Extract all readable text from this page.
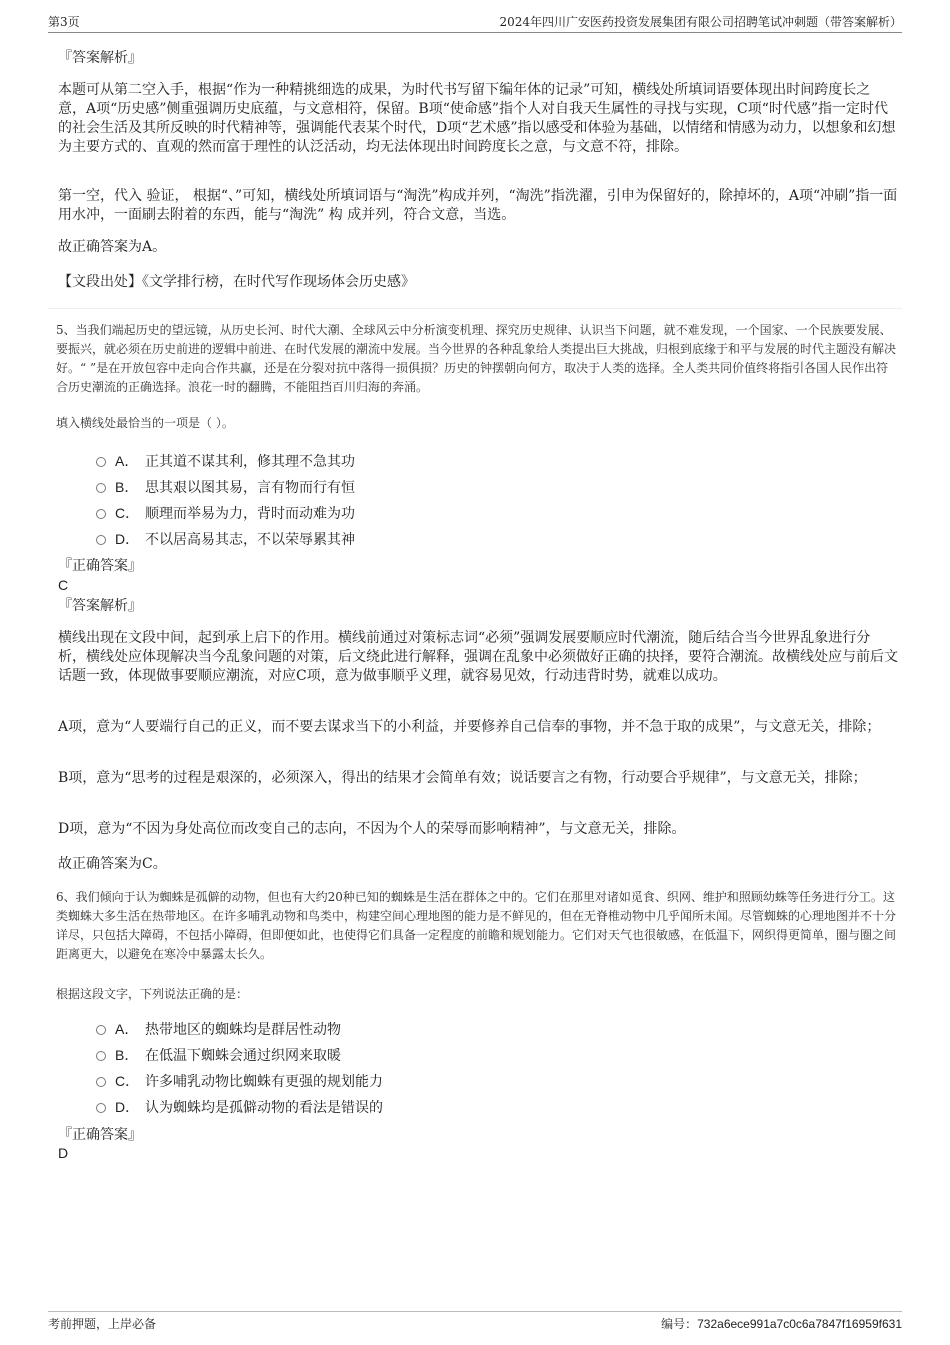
第3页	2024年四川广安医药投资发展集团有限公司招聘笔试冲刺题（带答案解析）
『答案解析』

本题可从第二空入手，根据“作为一种精挑细选的成果，为时代书写留下编年体的记录”可知，横线处所填词语要体现出时间跨度长之意，A项“历史感”侧重强调历史底蕴，与文意相符，保留。B项“使命感”指个人对自我天生属性的寻找与实现，C项“时代感”指一定时代的社会生活及其所反映的时代精神等，强调能代表某个时代，D项“艺术感”指以感受和体验为基础，以情绪和情感为动力，以想象和幻想为主要方式的、直观的然而富于理性的认泛活动，均无法体现出时间跨度长之意，与文意不符，排除。

第一空，代入 验证， 根据“、”可知，横线处所填词语与“淘洗”构成并列，“淘洗”指洗濯，引申为保留好的，除掉坏的，A项“冲刷”指一面用水冲，一面刷去附着的东西，能与“淘洗” 构 成并列，符合文意，当选。

故正确答案为A。

【文段出处】《文学排行榜，在时代写作现场体会历史感》

5、当我们端起历史的望远镜，从历史长河、时代大潮、全球风云中分析演变机理、探究历史规律、认识当下问题，就不难发现，一个国家、一个民族要发展、要振兴，就必须在历史前进的逻辑中前进、在时代发展的潮流中发展。当今世界的各种乱象给人类提出巨大挑战，归根到底缘于和平与发展的时代主题没有解决好。“ ”是在开放包容中走向合作共赢，还是在分裂对抗中落得一损俱损？历史的钟摆朝向何方，取决于人类的选择。全人类共同价值终将指引各国人民作出符合历史潮流的正确选择。浪花一时的翻腾，不能阻挡百川归海的奔涌。

填入横线处最恰当的一项是（ ）。

A． 正其道不谋其利，修其理不急其功
B． 思其艰以图其易，言有物而行有恒
C． 顺理而举易为力，背时而动难为功
D． 不以居高易其志，不以荣辱累其神
『正确答案』
C
『答案解析』

横线出现在文段中间，起到承上启下的作用。横线前通过对策标志词“必须”强调发展要顺应时代潮流，随后结合当今世界乱象进行分析，横线处应体现解决当今乱象问题的对策，后文绕此进行解释，强调在乱象中必须做好正确的抉择，要符合潮流。故横线处应与前后文话题一致，体现做事要顺应潮流，对应C项，意为做事顺乎义理，就容易见效，行动违背时势，就难以成功。

A项，意为“人要端行自己的正义，而不要去谋求当下的小利益，并要修养自己信奉的事物，并不急于取的成果”，与文意无关，排除；

B项，意为“思考的过程是艰深的，必须深入，得出的结果才会简单有效；说话要言之有物，行动要合乎规律”，与文意无关，排除；

D项，意为“不因为身处高位而改变自己的志向，不因为个人的荣辱而影响精神”，与文意无关，排除。

故正确答案为C。

6、我们倾向于认为蜘蛛是孤僻的动物，但也有大约20种已知的蜘蛛是生活在群体之中的。它们在那里对诸如觅食、织网、维护和照顾幼蛛等任务进行分工。这类蜘蛛大多生活在热带地区。在许多哺乳动物和鸟类中，构建空间心理地图的能力是不鲜见的，但在无脊椎动物中几乎闻所未闻。尽管蜘蛛的心理地图并不十分详尽，只包括大障碍，不包括小障碍，但即便如此，也使得它们具备一定程度的前瞻和规划能力。它们对天气也很敏感，在低温下，网织得更简单，圈与圈之间距离更大，以避免在寒冷中暴露太长久。

根据这段文字，下列说法正确的是：

A． 热带地区的蜘蛛均是群居性动物
B． 在低温下蜘蛛会通过织网来取暖
C． 许多哺乳动物比蜘蛛有更强的规划能力
D． 认为蜘蛛均是孤僻动物的看法是错误的
『正确答案』
D
考前押题，上岸必备	编号：732a6ece991a7c0c6a7847f16959f631
